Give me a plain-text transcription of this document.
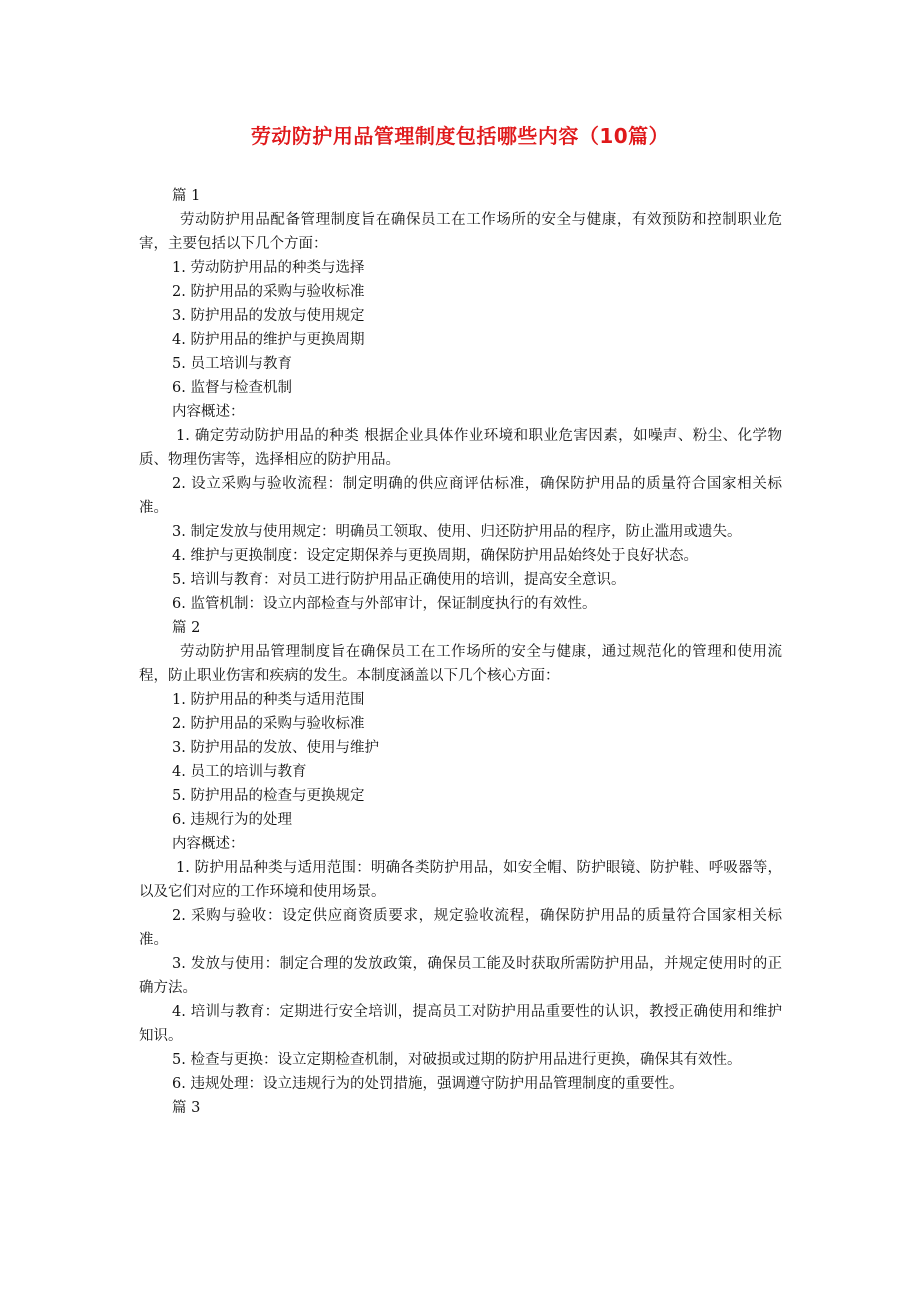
劳动防护用品管理制度包括哪些内容（10篇）

篇 1

劳动防护用品配备管理制度旨在确保员工在工作场所的安全与健康，有效预防和控制职业危害，主要包括以下几个方面：

1. 劳动防护用品的种类与选择

2. 防护用品的采购与验收标准

3. 防护用品的发放与使用规定

4. 防护用品的维护与更换周期

5. 员工培训与教育

6. 监督与检查机制

内容概述：

1. 确定劳动防护用品的种类 根据企业具体作业环境和职业危害因素，如噪声、粉尘、化学物质、物理伤害等，选择相应的防护用品。

2. 设立采购与验收流程：制定明确的供应商评估标准，确保防护用品的质量符合国家相关标准。

3. 制定发放与使用规定：明确员工领取、使用、归还防护用品的程序，防止滥用或遗失。

4. 维护与更换制度：设定定期保养与更换周期，确保防护用品始终处于良好状态。

5. 培训与教育：对员工进行防护用品正确使用的培训，提高安全意识。

6. 监管机制：设立内部检查与外部审计，保证制度执行的有效性。

篇 2

劳动防护用品管理制度旨在确保员工在工作场所的安全与健康，通过规范化的管理和使用流程，防止职业伤害和疾病的发生。本制度涵盖以下几个核心方面：

1. 防护用品的种类与适用范围

2. 防护用品的采购与验收标准

3. 防护用品的发放、使用与维护

4. 员工的培训与教育

5. 防护用品的检查与更换规定

6. 违规行为的处理

内容概述：

1. 防护用品种类与适用范围：明确各类防护用品，如安全帽、防护眼镜、防护鞋、呼吸器等，以及它们对应的工作环境和使用场景。

2. 采购与验收：设定供应商资质要求，规定验收流程，确保防护用品的质量符合国家相关标准。

3. 发放与使用：制定合理的发放政策，确保员工能及时获取所需防护用品，并规定使用时的正确方法。

4. 培训与教育：定期进行安全培训，提高员工对防护用品重要性的认识，教授正确使用和维护知识。

5. 检查与更换：设立定期检查机制，对破损或过期的防护用品进行更换，确保其有效性。

6. 违规处理：设立违规行为的处罚措施，强调遵守防护用品管理制度的重要性。

篇 3
